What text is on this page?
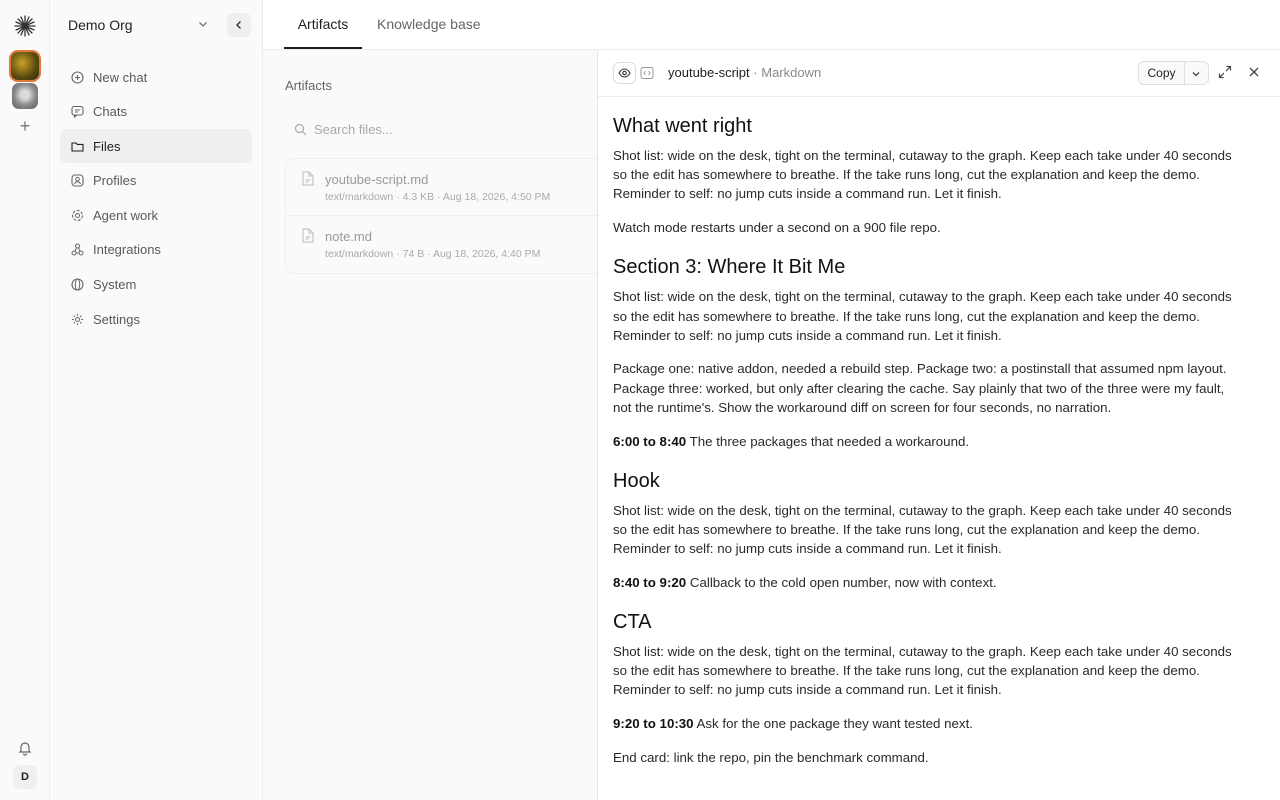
+
D
Demo Org
New chat
Chats
Files
Profiles
Agent work
Integrations
System
Settings
Artifacts	Knowledge base
Artifacts
Search files...
youtube-script.md
text/markdown · 4.3 KB · Aug 18, 2026, 4:50 PM
note.md
text/markdown · 74 B · Aug 18, 2026, 4:40 PM
youtube-script · Markdown	Copy
What went right

Shot list: wide on the desk, tight on the terminal, cutaway to the graph. Keep each take under 40 seconds so the edit has somewhere to breathe. If the take runs long, cut the explanation and keep the demo. Reminder to self: no jump cuts inside a command run. Let it finish.

Watch mode restarts under a second on a 900 file repo.

Section 3: Where It Bit Me

Shot list: wide on the desk, tight on the terminal, cutaway to the graph. Keep each take under 40 seconds so the edit has somewhere to breathe. If the take runs long, cut the explanation and keep the demo. Reminder to self: no jump cuts inside a command run. Let it finish.

Package one: native addon, needed a rebuild step. Package two: a postinstall that assumed npm layout. Package three: worked, but only after clearing the cache. Say plainly that two of the three were my fault, not the runtime's. Show the workaround diff on screen for four seconds, no narration.

6:00 to 8:40 The three packages that needed a workaround.

Hook

Shot list: wide on the desk, tight on the terminal, cutaway to the graph. Keep each take under 40 seconds so the edit has somewhere to breathe. If the take runs long, cut the explanation and keep the demo. Reminder to self: no jump cuts inside a command run. Let it finish.

8:40 to 9:20 Callback to the cold open number, now with context.

CTA

Shot list: wide on the desk, tight on the terminal, cutaway to the graph. Keep each take under 40 seconds so the edit has somewhere to breathe. If the take runs long, cut the explanation and keep the demo. Reminder to self: no jump cuts inside a command run. Let it finish.

9:20 to 10:30 Ask for the one package they want tested next.

End card: link the repo, pin the benchmark command.
